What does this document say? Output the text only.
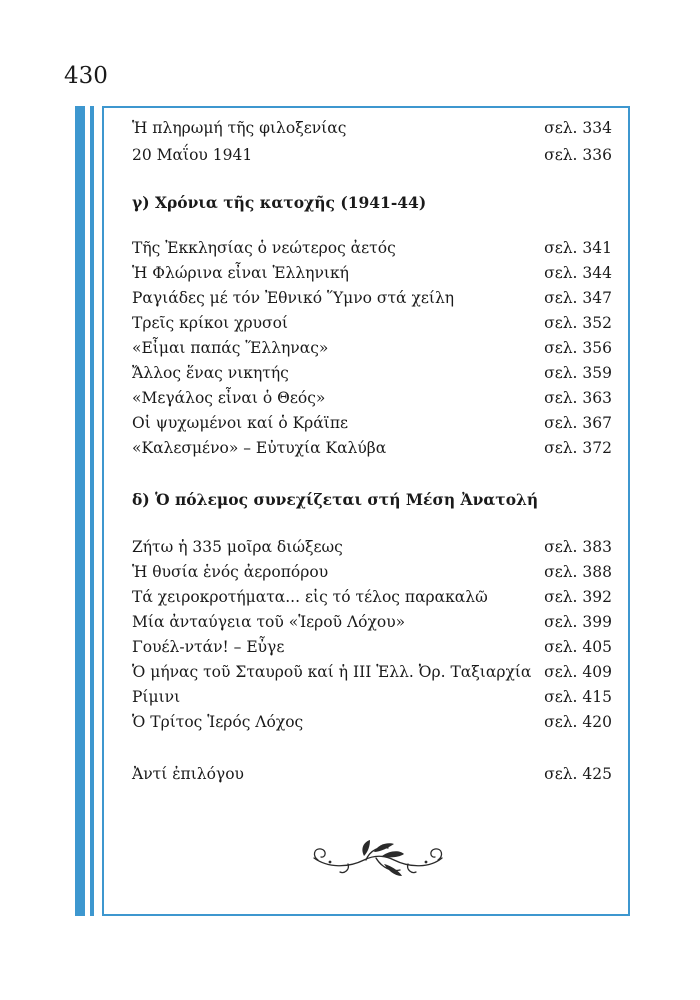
430
Ἡ πληρωμή τῆς φιλοξενίας	σελ. 334
20 Μαΐου 1941	σελ. 336
γ) Χρόνια τῆς κατοχῆς (1941-44)
Τῆς Ἐκκλησίας ὁ νεώτερος ἀετός	σελ. 341
Ἡ Φλώρινα εἶναι Ἑλληνική	σελ. 344
Ραγιάδες μέ τόν Ἐθνικό Ὕμνο στά χείλη	σελ. 347
Τρεῖς κρίκοι χρυσοί	σελ. 352
«Εἶμαι παπάς Ἕλληνας»	σελ. 356
Ἄλλος ἕνας νικητής	σελ. 359
«Μεγάλος εἶναι ὁ Θεός»	σελ. 363
Οἱ ψυχωμένοι καί ὁ Κράϊπε	σελ. 367
«Καλεσμένο» – Εὐτυχία Καλύβα	σελ. 372
δ) Ὁ πόλεμος συνεχίζεται στή Μέση Ἀνατολή
Ζήτω ἡ 335 μοῖρα διώξεως	σελ. 383
Ἡ θυσία ἑνός ἀεροπόρου	σελ. 388
Τά χειροκροτήματα... εἰς τό τέλος παρακαλῶ	σελ. 392
Μία ἀνταύγεια τοῦ «Ἱεροῦ Λόχου»	σελ. 399
Γουέλ-ντάν! – Εὖγε	σελ. 405
Ὁ μήνας τοῦ Σταυροῦ καί ἡ ΙΙΙ Ἑλλ. Ὀρ. Ταξιαρχία σελ. 409
Ρίμινι	σελ. 415
Ὁ Τρίτος Ἱερός Λόχος	σελ. 420
Ἀντί ἐπιλόγου	σελ. 425
